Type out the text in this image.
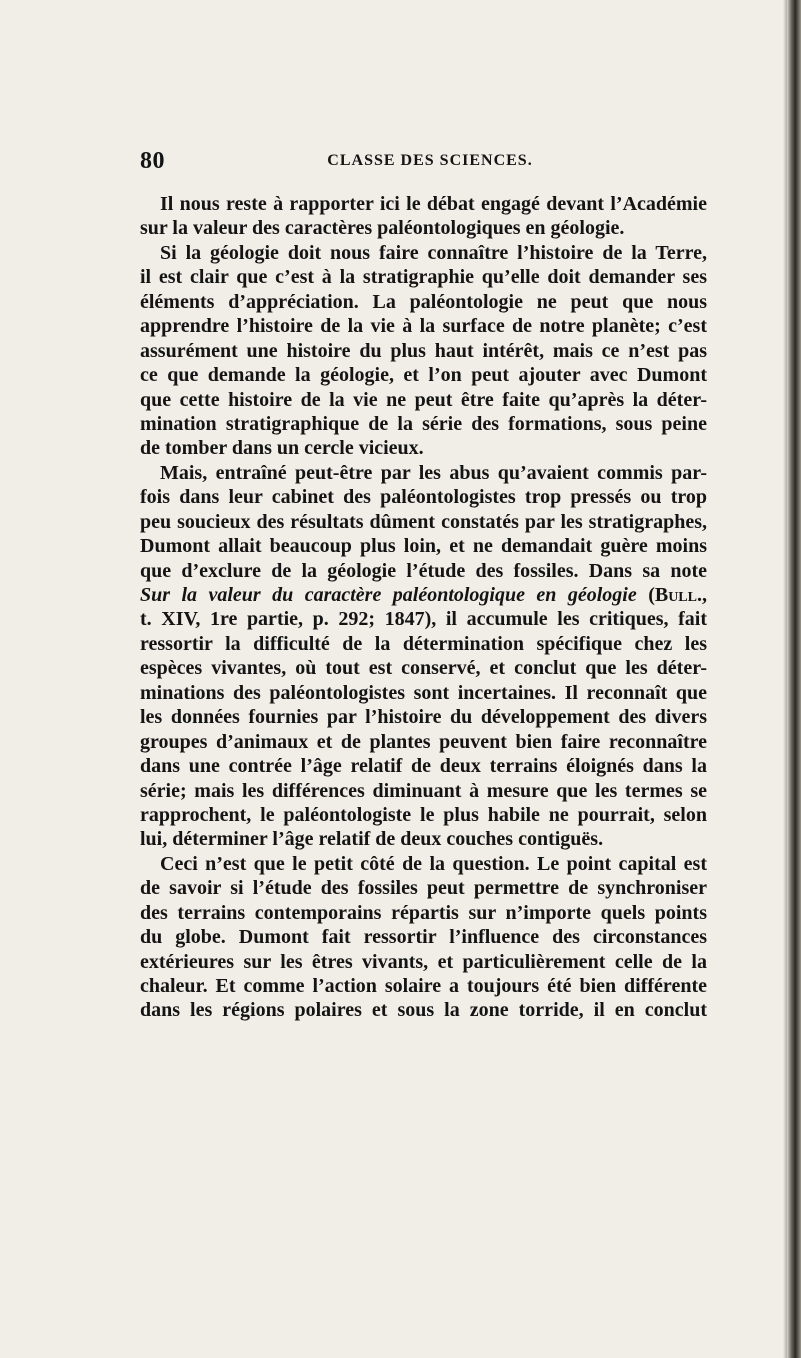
80	CLASSE DES SCIENCES.
Il nous reste à rapporter ici le débat engagé devant l’Académie
sur la valeur des caractères paléontologiques en géologie.
Si la géologie doit nous faire connaître l’histoire de la Terre,
il est clair que c’est à la stratigraphie qu’elle doit demander ses
éléments d’appréciation. La paléontologie ne peut que nous
apprendre l’histoire de la vie à la surface de notre planète; c’est
assurément une histoire du plus haut intérêt, mais ce n’est pas
ce que demande la géologie, et l’on peut ajouter avec Dumont
que cette histoire de la vie ne peut être faite qu’après la déter-
mination stratigraphique de la série des formations, sous peine
de tomber dans un cercle vicieux.
Mais, entraîné peut-être par les abus qu’avaient commis par-
fois dans leur cabinet des paléontologistes trop pressés ou trop
peu soucieux des résultats dûment constatés par les stratigraphes,
Dumont allait beaucoup plus loin, et ne demandait guère moins
que d’exclure de la géologie l’étude des fossiles. Dans sa note
Sur la valeur du caractère paléontologique en géologie (Bull.,
t. XIV, 1re partie, p. 292; 1847), il accumule les critiques, fait
ressortir la difficulté de la détermination spécifique chez les
espèces vivantes, où tout est conservé, et conclut que les déter-
minations des paléontologistes sont incertaines. Il reconnaît que
les données fournies par l’histoire du développement des divers
groupes d’animaux et de plantes peuvent bien faire reconnaître
dans une contrée l’âge relatif de deux terrains éloignés dans la
série; mais les différences diminuant à mesure que les termes se
rapprochent, le paléontologiste le plus habile ne pourrait, selon
lui, déterminer l’âge relatif de deux couches contiguës.
Ceci n’est que le petit côté de la question. Le point capital est
de savoir si l’étude des fossiles peut permettre de synchroniser
des terrains contemporains répartis sur n’importe quels points
du globe. Dumont fait ressortir l’influence des circonstances
extérieures sur les êtres vivants, et particulièrement celle de la
chaleur. Et comme l’action solaire a toujours été bien différente
dans les régions polaires et sous la zone torride, il en conclut
